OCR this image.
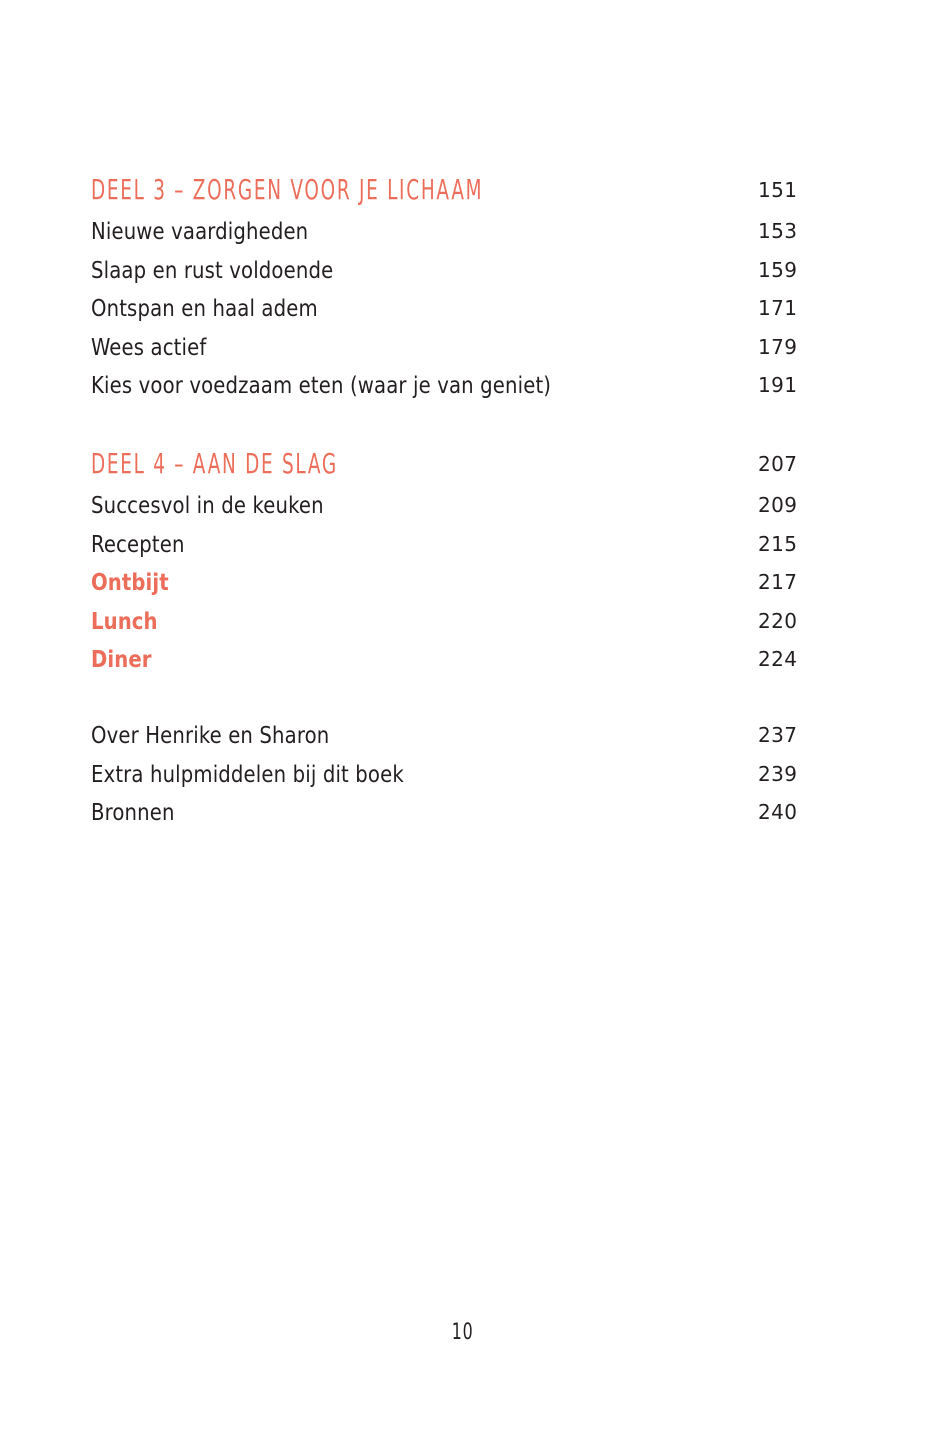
DEEL 3 – ZORGEN VOOR JE LICHAAM	151
Nieuwe vaardigheden	153
Slaap en rust voldoende	159
Ontspan en haal adem	171
Wees actief	179
Kies voor voedzaam eten (waar je van geniet)	191
DEEL 4 – AAN DE SLAG	207
Succesvol in de keuken	209
Recepten	215
Ontbijt	217
Lunch	220
Diner	224
Over Henrike en Sharon	237
Extra hulpmiddelen bij dit boek	239
Bronnen	240
10
